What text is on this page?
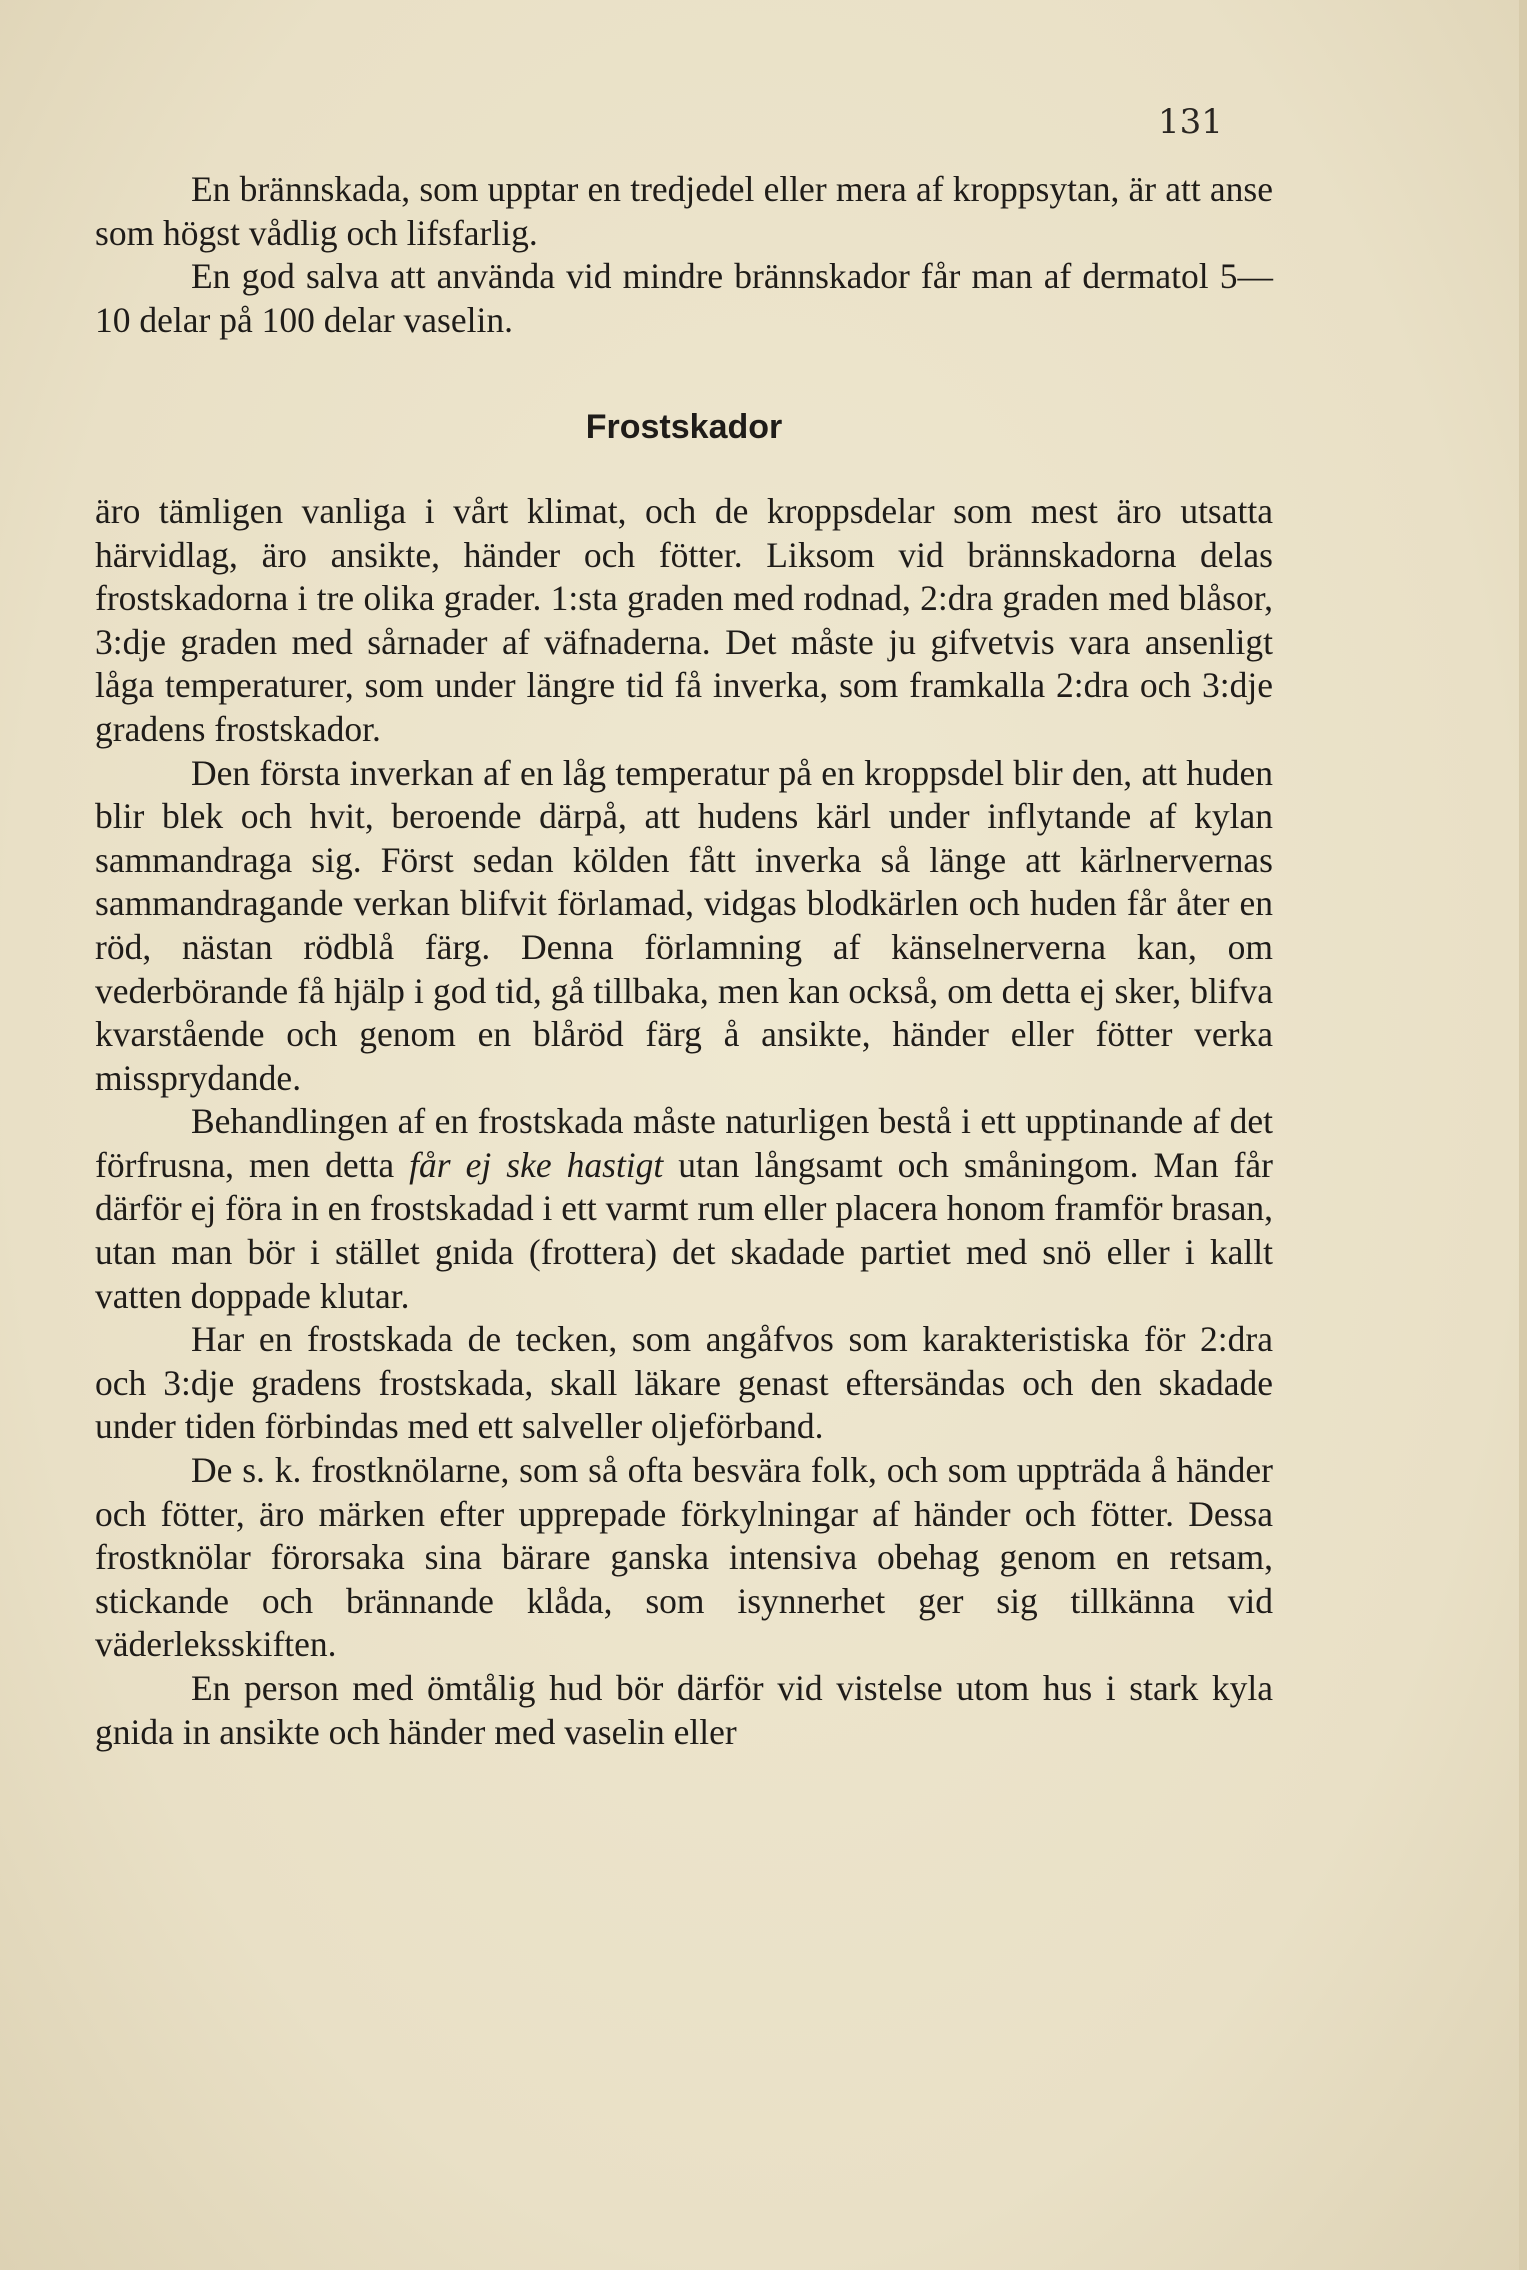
131

En brännskada, som upptar en tredjedel eller mera af kroppsytan, är att anse som högst vådlig och lifsfarlig.

En god salva att använda vid mindre brännskador får man af dermatol 5—10 delar på 100 delar vaselin.

Frostskador

äro tämligen vanliga i vårt klimat, och de kroppsdelar som mest äro utsatta härvidlag, äro ansikte, händer och fötter. Liksom vid brännskadorna delas frostskadorna i tre olika grader. 1:sta graden med rodnad, 2:dra graden med blåsor, 3:dje graden med sårnader af väfnaderna. Det måste ju gifvetvis vara ansenligt låga temperaturer, som under längre tid få inverka, som framkalla 2:dra och 3:dje gradens frostskador.

Den första inverkan af en låg temperatur på en kroppsdel blir den, att huden blir blek och hvit, beroende därpå, att hudens kärl under inflytande af kylan sammandraga sig. Först sedan kölden fått inverka så länge att kärlnervernas sammandragande verkan blifvit förlamad, vidgas blodkärlen och huden får åter en röd, nästan rödblå färg. Denna förlamning af känselnerverna kan, om vederbörande få hjälp i god tid, gå tillbaka, men kan också, om detta ej sker, blifva kvarstående och genom en blåröd färg å ansikte, händer eller fötter verka missprydande.

Behandlingen af en frostskada måste naturligen bestå i ett upptinande af det förfrusna, men detta får ej ske hastigt utan långsamt och småningom. Man får därför ej föra in en frostskadad i ett varmt rum eller placera honom framför brasan, utan man bör i stället gnida (frottera) det skadade partiet med snö eller i kallt vatten doppade klutar.

Har en frostskada de tecken, som angåfvos som karakteristiska för 2:dra och 3:dje gradens frostskada, skall läkare genast eftersändas och den skadade under tiden förbindas med ett salveller oljeförband.

De s. k. frostknölarne, som så ofta besvära folk, och som uppträda å händer och fötter, äro märken efter upprepade förkylningar af händer och fötter. Dessa frostknölar förorsaka sina bärare ganska intensiva obehag genom en retsam, stickande och brännande klåda, som isynnerhet ger sig tillkänna vid väderleksskiften.

En person med ömtålig hud bör därför vid vistelse utom hus i stark kyla gnida in ansikte och händer med vaselin eller
